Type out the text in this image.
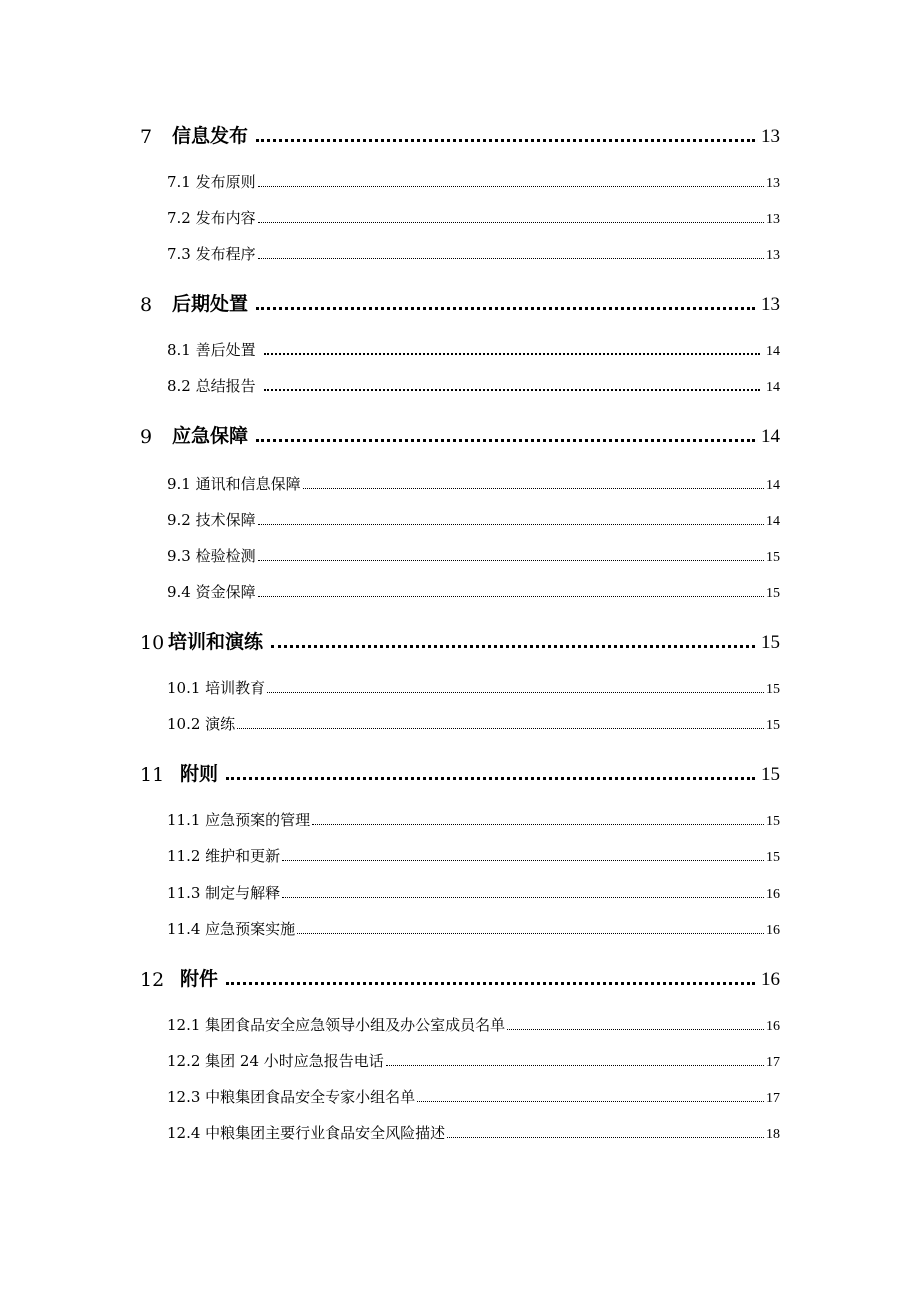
7	信息发布	13
7.1 发布原则	13
7.2 发布内容	13
7.3 发布程序	13
8	后期处置	13
8.1 善后处置	14
8.2 总结报告	14
9	应急保障	14
9.1 通讯和信息保障	14
9.2 技术保障	14
9.3 检验检测	15
9.4 资金保障	15
10 培训和演练	15
10.1 培训教育	15
10.2 演练	15
11 附则	15
11.1 应急预案的管理	15
11.2 维护和更新	15
11.3 制定与解释	16
11.4 应急预案实施	16
12 附件	16
12.1 集团食品安全应急领导小组及办公室成员名单	16
12.2 集团 24 小时应急报告电话	17
12.3 中粮集团食品安全专家小组名单	17
12.4 中粮集团主要行业食品安全风险描述	18
